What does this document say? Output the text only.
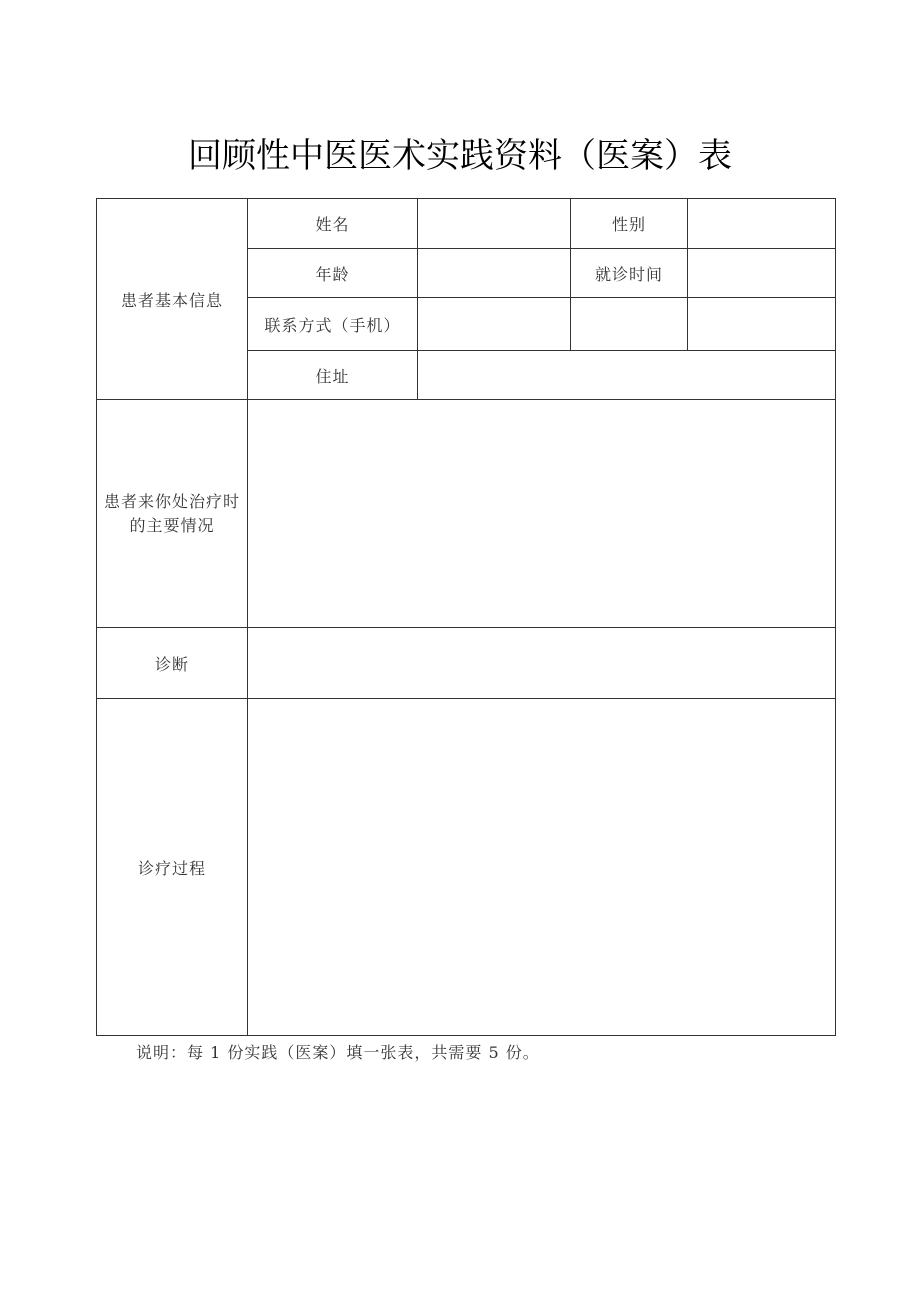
回顾性中医医术实践资料（医案）表
患者基本信息	姓名		性别	
	年龄		就诊时间	
	联系方式（手机）			
	住址			

患者来你处治疗时
的主要情况				

诊断				
诊疗过程				
说明：每 1 份实践（医案）填一张表，共需要 5 份。
